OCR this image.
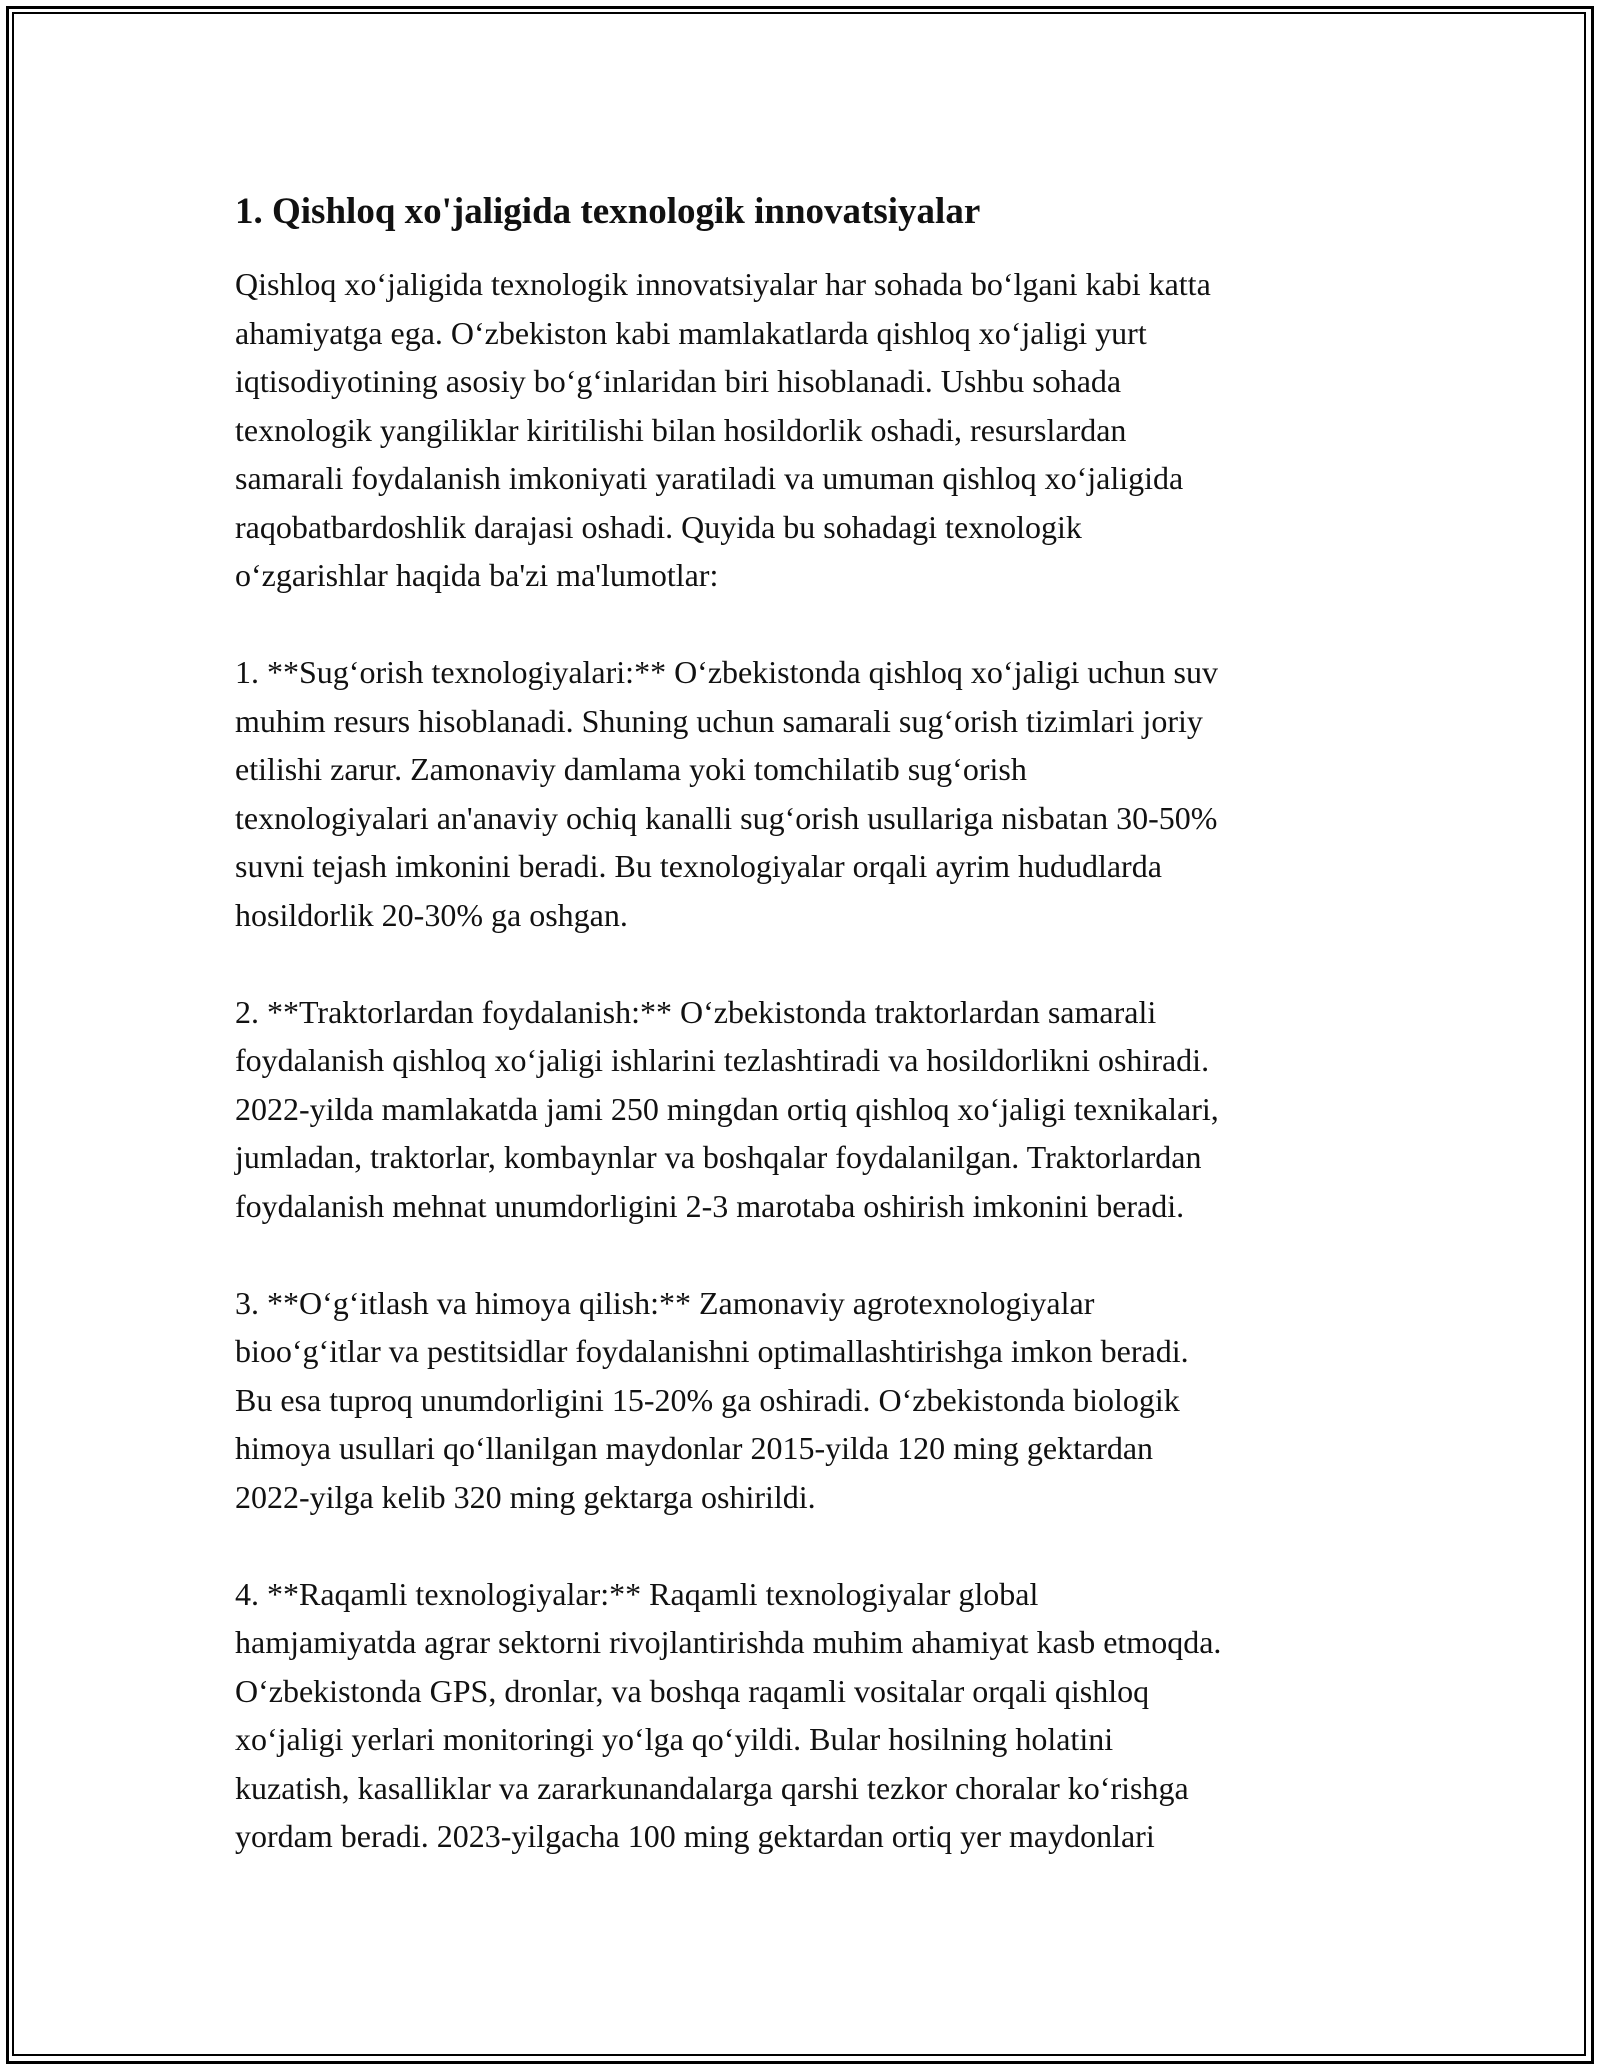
1. Qishloq xo'jaligida texnologik innovatsiyalar
Qishloq xoʻjaligida texnologik innovatsiyalar har sohada boʻlgani kabi katta
ahamiyatga ega. Oʻzbekiston kabi mamlakatlarda qishloq xoʻjaligi yurt
iqtisodiyotining asosiy boʻgʻinlaridan biri hisoblanadi. Ushbu sohada
texnologik yangiliklar kiritilishi bilan hosildorlik oshadi, resurslardan
samarali foydalanish imkoniyati yaratiladi va umuman qishloq xoʻjaligida
raqobatbardoshlik darajasi oshadi. Quyida bu sohadagi texnologik
oʻzgarishlar haqida ba'zi ma'lumotlar:
1. **Sugʻorish texnologiyalari:** Oʻzbekistonda qishloq xoʻjaligi uchun suv
muhim resurs hisoblanadi. Shuning uchun samarali sugʻorish tizimlari joriy
etilishi zarur. Zamonaviy damlama yoki tomchilatib sugʻorish
texnologiyalari an'anaviy ochiq kanalli sugʻorish usullariga nisbatan 30-50%
suvni tejash imkonini beradi. Bu texnologiyalar orqali ayrim hududlarda
hosildorlik 20-30% ga oshgan.
2. **Traktorlardan foydalanish:** Oʻzbekistonda traktorlardan samarali
foydalanish qishloq xoʻjaligi ishlarini tezlashtiradi va hosildorlikni oshiradi.
2022-yilda mamlakatda jami 250 mingdan ortiq qishloq xoʻjaligi texnikalari,
jumladan, traktorlar, kombaynlar va boshqalar foydalanilgan. Traktorlardan
foydalanish mehnat unumdorligini 2-3 marotaba oshirish imkonini beradi.
3. **Oʻgʻitlash va himoya qilish:** Zamonaviy agrotexnologiyalar
biooʻgʻitlar va pestitsidlar foydalanishni optimallashtirishga imkon beradi.
Bu esa tuproq unumdorligini 15-20% ga oshiradi. Oʻzbekistonda biologik
himoya usullari qoʻllanilgan maydonlar 2015-yilda 120 ming gektardan
2022-yilga kelib 320 ming gektarga oshirildi.
4. **Raqamli texnologiyalar:** Raqamli texnologiyalar global
hamjamiyatda agrar sektorni rivojlantirishda muhim ahamiyat kasb etmoqda.
Oʻzbekistonda GPS, dronlar, va boshqa raqamli vositalar orqali qishloq
xoʻjaligi yerlari monitoringi yoʻlga qoʻyildi. Bular hosilning holatini
kuzatish, kasalliklar va zararkunandalarga qarshi tezkor choralar koʻrishga
yordam beradi. 2023-yilgacha 100 ming gektardan ortiq yer maydonlari
